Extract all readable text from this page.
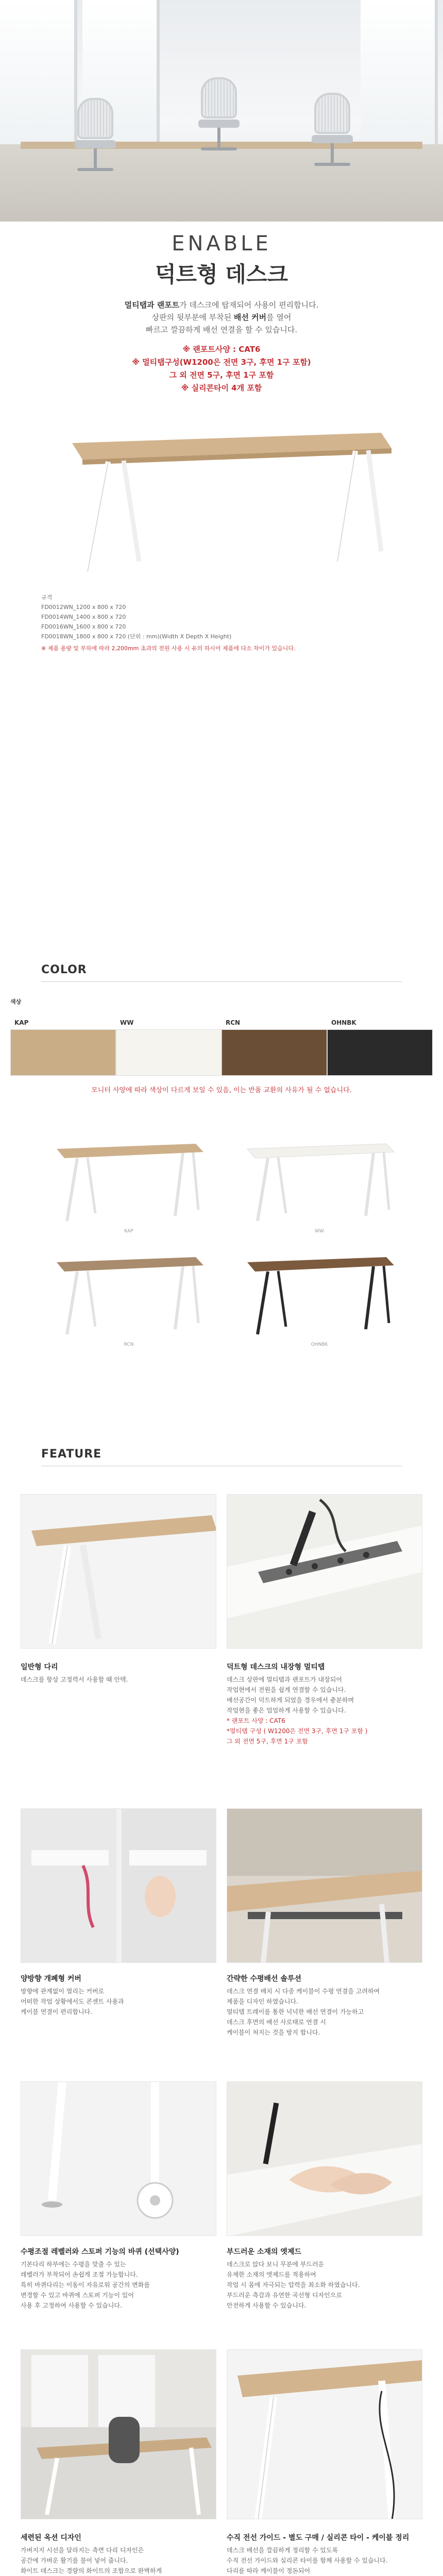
ENABLE
덕트형 데스크
멀티탭과 랜포트가 데스크에 탑재되어 사용이 편리합니다.
상판의 뒷부분에 부착된 배선 커버를 열어
빠르고 깔끔하게 배선 연결을 할 수 있습니다.
※ 랜포트사양 : CAT6
※ 멀티탭구성(W1200은 전면 3구, 후면 1구 포함)
그 외 전면 5구, 후면 1구 포함
※ 실리콘타이 4개 포함
규격
FD0012WN_1200 x 800 x 720
FD0014WN_1400 x 800 x 720
FD0016WN_1600 x 800 x 720
FD0018WN_1800 x 800 x 720 (단위 : mm)(Width X Depth X Height)
※ 제품 용량 및 부하에 따라 2,200mm 초과의 전원 사용 시 유의 하시어 제품에 다소 차이가 있습니다.
COLOR
색상
KAP	WW	RCN	OHNBK
모니터 사양에 따라 색상이 다르게 보일 수 있음, 이는 반품 교환의 사유가 될 수 없습니다.
KAP	WW
RCN	OHNBK
FEATURE
일반형 다리
데스크를 항상 고정력서 사용할 때 안택.
덕트형 데스크의 내장형 멀티탭
데스크 상판에 멀티탭과 랜포트가 내장되어
작업현에서 전원을 쉽게 연결할 수 있습니다.
배선공간이 덕트하게 되었을 경우에서 충분하며
작업현을 좋은 업업하게 사용할 수 있습니다.
* 랜포트 사양 : CAT6
*멀티탭 구성 ( W1200은 전면 3구, 후면 1구 포함 )
그 외 전면 5구, 후면 1구 포함
양방향 개폐형 커버
방향에 관계없이 열리는 커버로
어떠한 작업 상황에서도 콘센트 사용과
케이블 연결이 편리합니다.
간략한 수평배선 솔루션
데스크 연결 배치 시 다중 케이블이 수평 연결을 고려하여
제품을 디자인 하였습니다.
멀티탭 트레이를 통한 넉넉한 배선 연결이 가능하고
데스크 후면의 배선 사로태로 연결 시
케이블이 처지는 것을 방지 합니다.
수평조절 레벨러와 스토퍼 기능의 바퀴 (선택사양)
기본다리 하부에는 수평을 맞출 수 있는
레벨러가 부착되어 손쉽게 조절 가능합니다.
특히 바퀴다리는 이동이 자유로워 공간의 변화를
변경할 수 있고 바퀴에 스토퍼 기능이 있어
사용 후 고정하여 사용할 수 있습니다.
부드러운 소재의 엣제드
데스크로 앉다 보니 무분에 부드러운
유제한 소재의 엣제드를 적용하여
작업 시 몸에 자극되는 압력을 최소화 하였습니다.
부드러운 측감과 유연한 곡선형 디자인으로
안전하게 사용할 수 있습니다.
세련된 옥션 디자인
가벼지지 시선을 달라지는 측면 다리 디자인은
공간에 가벼운 활기를 불어 넣어 줍니다.
화이트 데스크는 경량의 화이트의 조합으로 완벽하게
수직 전선 가이드 - 별도 구매 / 실리콘 타이 - 케이블 정리
데스크 배선을 깔끔하게 정리할 수 있도록
수직 전선 가이드와 실리콘 타이를 함께 사용할 수 있습니다.
다리를 따라 케이블이 정돈되어
